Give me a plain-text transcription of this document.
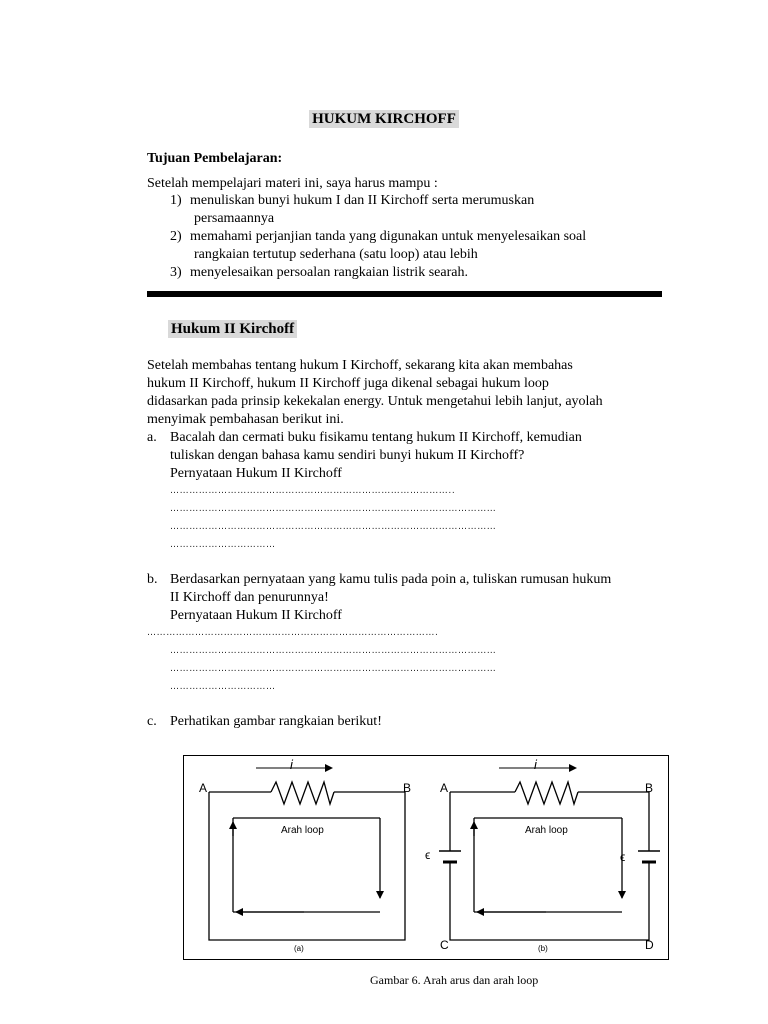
HUKUM KIRCHOFF
Tujuan Pembelajaran:
Setelah mempelajari materi ini, saya harus mampu :
1) menuliskan bunyi hukum I dan II Kirchoff serta merumuskan
persamaannya
2) memahami perjanjian tanda yang digunakan untuk menyelesaikan soal
rangkaian tertutup sederhana (satu loop) atau lebih
3) menyelesaikan persoalan rangkaian listrik searah.
Hukum II Kirchoff
Setelah membahas tentang hukum I Kirchoff, sekarang kita akan membahas
hukum II Kirchoff, hukum II Kirchoff juga dikenal sebagai hukum loop
didasarkan pada prinsip kekekalan energy. Untuk mengetahui lebih lanjut, ayolah
menyimak pembahasan berikut ini.
a. Bacalah dan cermati buku fisikamu tentang hukum II Kirchoff, kemudian
tuliskan dengan bahasa kamu sendiri bunyi hukum II Kirchoff?
Pernyataan Hukum II Kirchoff
……………………………………………………………………………..
…………………………………………………………………………………………
…………………………………………………………………………………………
……………………………
b. Berdasarkan pernyataan yang kamu tulis pada poin a, tuliskan rumusan hukum
II Kirchoff dan penurunnya!
Pernyataan Hukum II Kirchoff
……………………………………………………………………………….
…………………………………………………………………………………………
…………………………………………………………………………………………
……………………………
c. Perhatikan gambar rangkaian berikut!
i
A	B
Arah loop
(a)
i
A	B
C	D
ϵ	ϵ
Arah loop
(b)
Gambar 6. Arah arus dan arah loop
